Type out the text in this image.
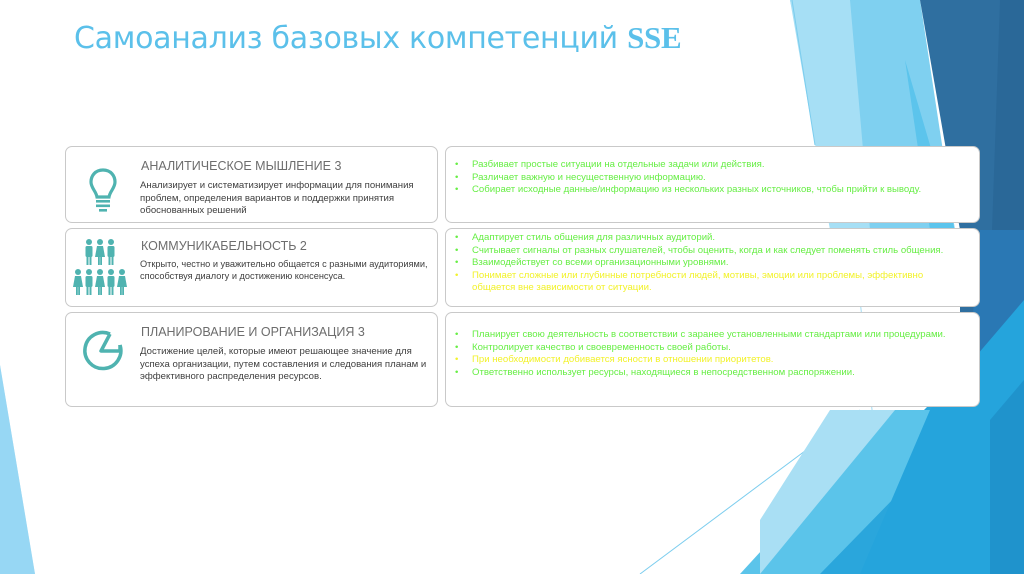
Самоанализ базовых компетенций SSE
АНАЛИТИЧЕСКОЕ МЫШЛЕНИЕ 3
Анализирует и систематизирует информации для понимания проблем, определения вариантов и поддержки принятия обоснованных решений
• Разбивает простые ситуации на отдельные задачи или действия.
• Различает важную и несущественную информацию.
• Собирает исходные данные/информацию из нескольких разных источников, чтобы прийти к выводу.
КОММУНИКАБЕЛЬНОСТЬ 2
Открыто, честно и уважительно общается с разными аудиториями, способствуя диалогу и достижению консенсуса.
• Адаптирует стиль общения для различных аудиторий.
• Считывает сигналы от разных слушателей, чтобы оценить, когда и как следует поменять стиль общения.
• Взаимодействует со всеми организационными уровнями.
• Понимает сложные или глубинные потребности людей, мотивы, эмоции или проблемы, эффективно общается вне зависимости от ситуации.
ПЛАНИРОВАНИЕ И ОРГАНИЗАЦИЯ 3
Достижение целей, которые имеют решающее значение для успеха организации, путем составления и следования планам и эффективного распределения ресурсов.
• Планирует свою деятельность в соответствии с заранее установленными стандартами или процедурами.
• Контролирует качество и своевременность своей работы.
• При необходимости добивается ясности в отношении приоритетов.
• Ответственно использует ресурсы, находящиеся в непосредственном распоряжении.
